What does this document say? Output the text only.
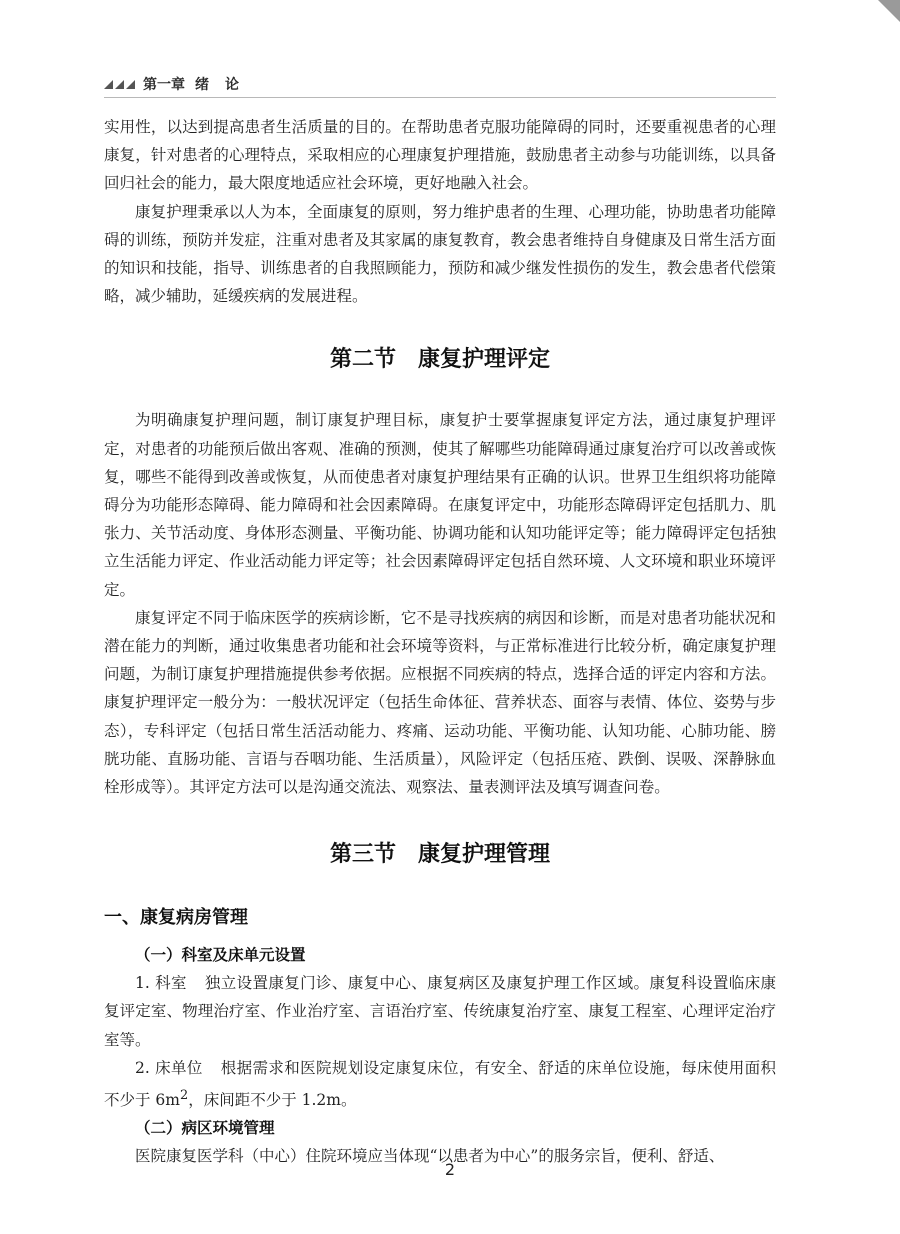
第一章 绪论

实用性，以达到提高患者生活质量的目的。在帮助患者克服功能障碍的同时，还要重视患者的心理康复，针对患者的心理特点，采取相应的心理康复护理措施，鼓励患者主动参与功能训练，以具备回归社会的能力，最大限度地适应社会环境，更好地融入社会。

康复护理秉承以人为本，全面康复的原则，努力维护患者的生理、心理功能，协助患者功能障碍的训练，预防并发症，注重对患者及其家属的康复教育，教会患者维持自身健康及日常生活方面的知识和技能，指导、训练患者的自我照顾能力，预防和减少继发性损伤的发生，教会患者代偿策略，减少辅助，延缓疾病的发展进程。

第二节 康复护理评定

为明确康复护理问题，制订康复护理目标，康复护士要掌握康复评定方法，通过康复护理评定，对患者的功能预后做出客观、准确的预测，使其了解哪些功能障碍通过康复治疗可以改善或恢复，哪些不能得到改善或恢复，从而使患者对康复护理结果有正确的认识。世界卫生组织将功能障碍分为功能形态障碍、能力障碍和社会因素障碍。在康复评定中，功能形态障碍评定包括肌力、肌张力、关节活动度、身体形态测量、平衡功能、协调功能和认知功能评定等；能力障碍评定包括独立生活能力评定、作业活动能力评定等；社会因素障碍评定包括自然环境、人文环境和职业环境评定。

康复评定不同于临床医学的疾病诊断，它不是寻找疾病的病因和诊断，而是对患者功能状况和潜在能力的判断，通过收集患者功能和社会环境等资料，与正常标准进行比较分析，确定康复护理问题，为制订康复护理措施提供参考依据。应根据不同疾病的特点，选择合适的评定内容和方法。康复护理评定一般分为：一般状况评定（包括生命体征、营养状态、面容与表情、体位、姿势与步态），专科评定（包括日常生活活动能力、疼痛、运动功能、平衡功能、认知功能、心肺功能、膀胱功能、直肠功能、言语与吞咽功能、生活质量），风险评定（包括压疮、跌倒、误吸、深静脉血栓形成等）。其评定方法可以是沟通交流法、观察法、量表测评法及填写调查问卷。

第三节 康复护理管理
一、康复病房管理
（一）科室及床单元设置

1. 科室 独立设置康复门诊、康复中心、康复病区及康复护理工作区域。康复科设置临床康复评定室、物理治疗室、作业治疗室、言语治疗室、传统康复治疗室、康复工程室、心理评定治疗室等。

2. 床单位 根据需求和医院规划设定康复床位，有安全、舒适的床单位设施，每床使用面积不少于 $6m^2$，床间距不少于 1.2m。

（二）病区环境管理

医院康复医学科（中心）住院环境应当体现“以患者为中心”的服务宗旨，便利、舒适、

2
